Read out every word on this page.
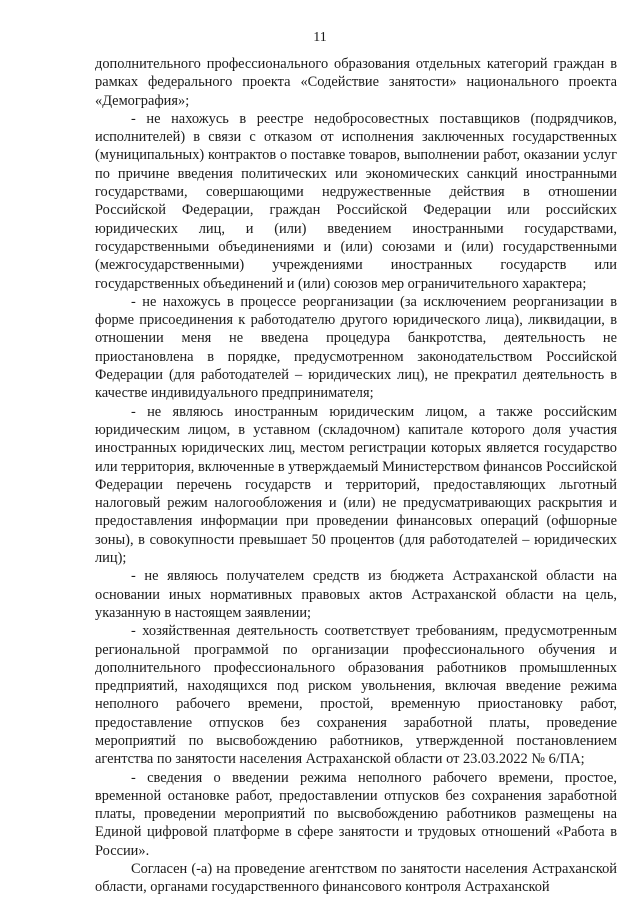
11

дополнительного профессионального образования отдельных категорий граждан в рамках федерального проекта «Содействие занятости» национального проекта «Демография»;

- не нахожусь в реестре недобросовестных поставщиков (подрядчиков, исполнителей) в связи с отказом от исполнения заключенных государственных (муниципальных) контрактов о поставке товаров, выполнении работ, оказании услуг по причине введения политических или экономических санкций иностранными государствами, совершающими недружественные действия в отношении Российской Федерации, граждан Российской Федерации или российских юридических лиц, и (или) введением иностранными государствами, государственными объединениями и (или) союзами и (или) государственными (межгосударственными) учреждениями иностранных государств или государственных объединений и (или) союзов мер ограничительного характера;

- не нахожусь в процессе реорганизации (за исключением реорганизации в форме присоединения к работодателю другого юридического лица), ликвидации, в отношении меня не введена процедура банкротства, деятельность не приостановлена в порядке, предусмотренном законодательством Российской Федерации (для работодателей – юридических лиц), не прекратил деятельность в качестве индивидуального предпринимателя;

- не являюсь иностранным юридическим лицом, а также российским юридическим лицом, в уставном (складочном) капитале которого доля участия иностранных юридических лиц, местом регистрации которых является государство или территория, включенные в утверждаемый Министерством финансов Российской Федерации перечень государств и территорий, предоставляющих льготный налоговый режим налогообложения и (или) не предусматривающих раскрытия и предоставления информации при проведении финансовых операций (офшорные зоны), в совокупности превышает 50 процентов (для работодателей – юридических лиц);

- не являюсь получателем средств из бюджета Астраханской области на основании иных нормативных правовых актов Астраханской области на цель, указанную в настоящем заявлении;

- хозяйственная деятельность соответствует требованиям, предусмотренным региональной программой по организации профессионального обучения и дополнительного профессионального образования работников промышленных предприятий, находящихся под риском увольнения, включая введение режима неполного рабочего времени, простой, временную приостановку работ, предоставление отпусков без сохранения заработной платы, проведение мероприятий по высвобождению работников, утвержденной постановлением агентства по занятости населения Астраханской области от 23.03.2022 № 6/ПА;

- сведения о введении режима неполного рабочего времени, простое, временной остановке работ, предоставлении отпусков без сохранения заработной платы, проведении мероприятий по высвобождению работников размещены на Единой цифровой платформе в сфере занятости и трудовых отношений «Работа в России».

Согласен (-а) на проведение агентством по занятости населения Астраханской области, органами государственного финансового контроля Астраханской
